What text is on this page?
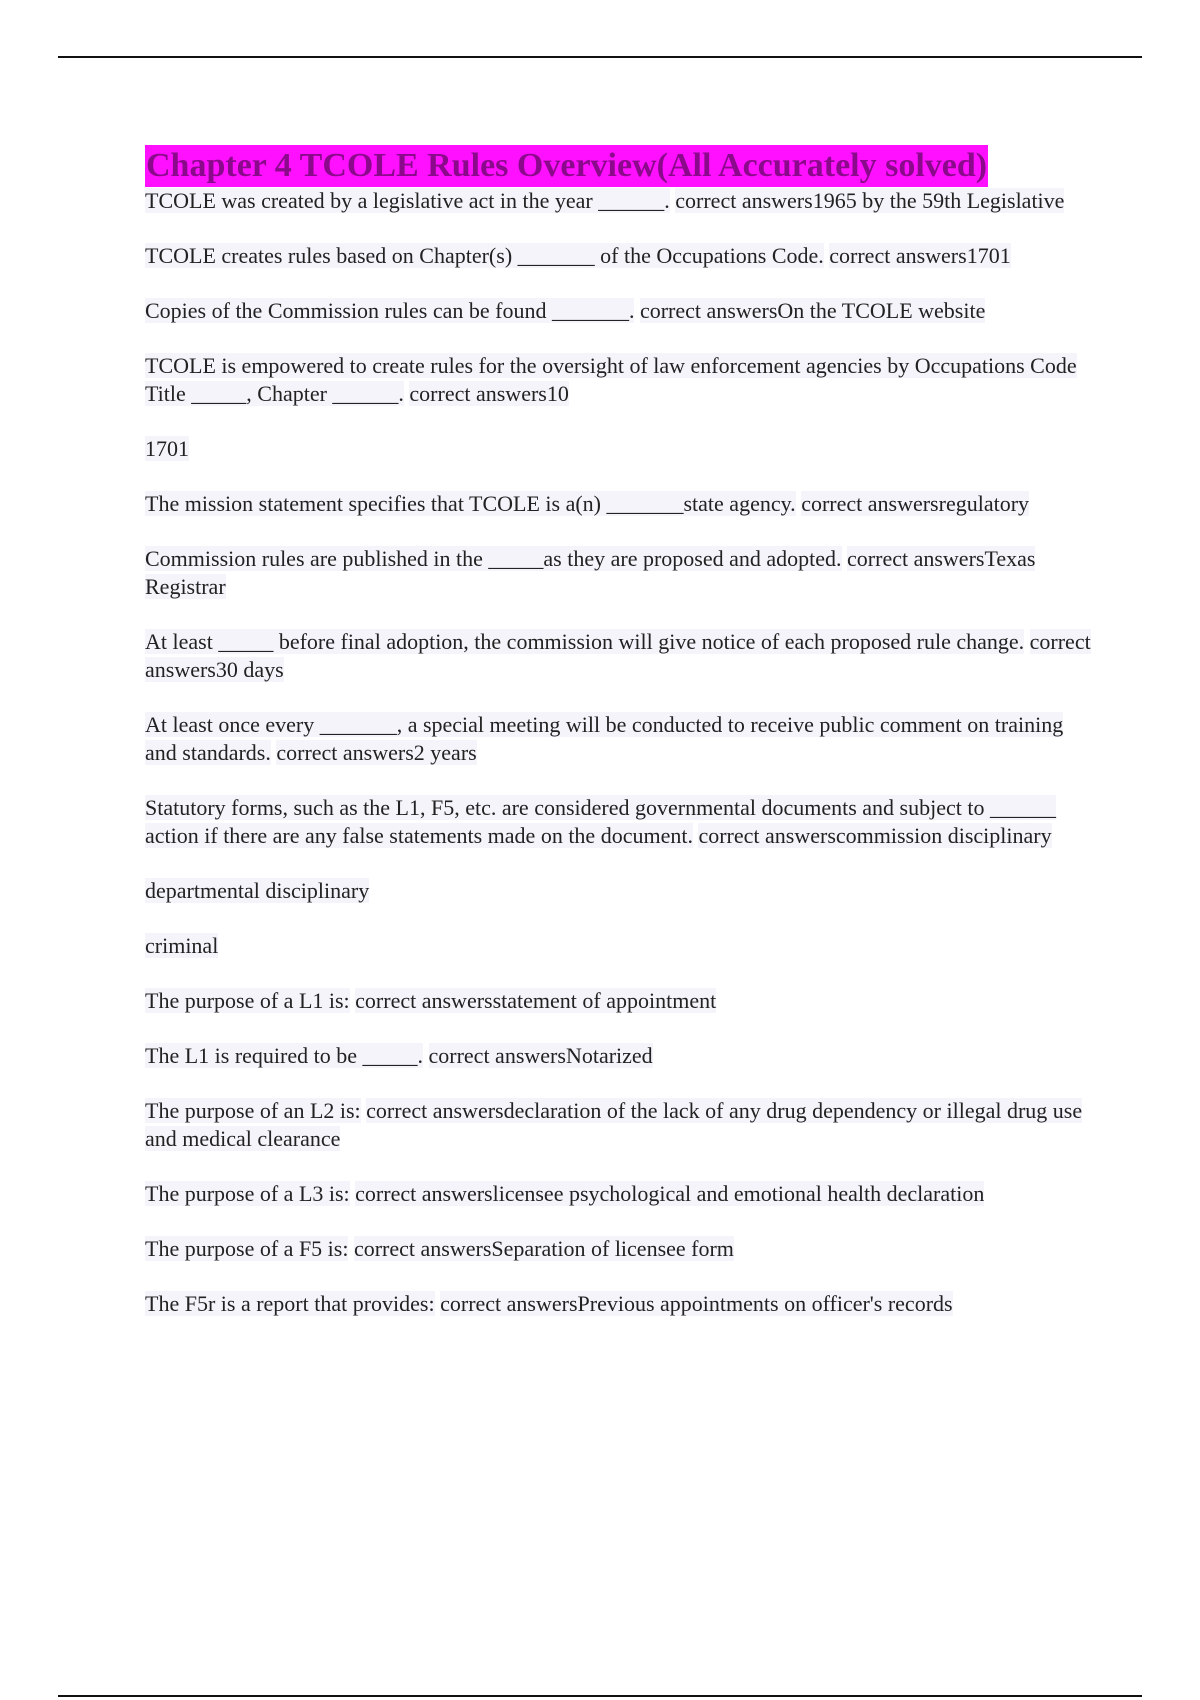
Chapter 4 TCOLE Rules Overview(All Accurately solved)

TCOLE was created by a legislative act in the year ______. correct answers1965 by the 59th Legislative

TCOLE creates rules based on Chapter(s) _______ of the Occupations Code. correct answers1701

Copies of the Commission rules can be found _______. correct answersOn the TCOLE website

TCOLE is empowered to create rules for the oversight of law enforcement agencies by Occupations Code Title _____, Chapter ______. correct answers10

1701

The mission statement specifies that TCOLE is a(n) _______state agency. correct answersregulatory

Commission rules are published in the _____as they are proposed and adopted. correct answersTexas Registrar

At least _____ before final adoption, the commission will give notice of each proposed rule change. correct answers30 days

At least once every _______, a special meeting will be conducted to receive public comment on training and standards. correct answers2 years

Statutory forms, such as the L1, F5, etc. are considered governmental documents and subject to ______ action if there are any false statements made on the document. correct answerscommission disciplinary

departmental disciplinary

criminal

The purpose of a L1 is: correct answersstatement of appointment

The L1 is required to be _____. correct answersNotarized

The purpose of an L2 is: correct answersdeclaration of the lack of any drug dependency or illegal drug use and medical clearance

The purpose of a L3 is: correct answerslicensee psychological and emotional health declaration

The purpose of a F5 is: correct answersSeparation of licensee form

The F5r is a report that provides: correct answersPrevious appointments on officer's records
